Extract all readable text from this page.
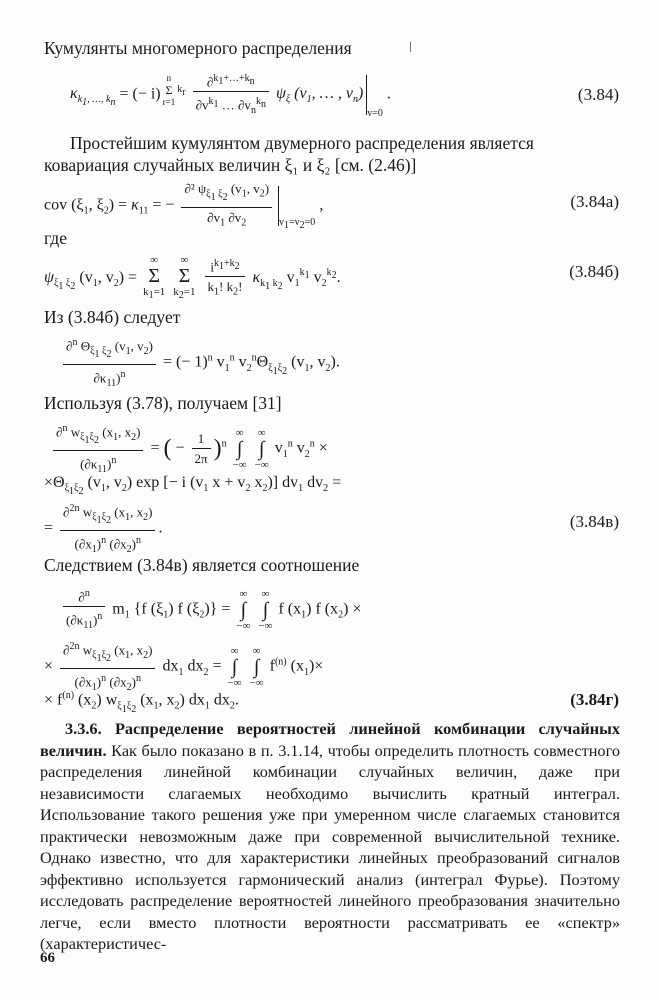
Кумулянты многомерного распределения
$\kappa_{k_1, \dots, k_n}$ = (− $i)^{n \Sigma r=1k_r} \frac{\partial^{k_1+\dots+k_n}}{\partial v^{k_1} \dots \partial v_n^{k_n}} \psi_\xi$ ($v_1$, … , $v_n)_{v=0}$ .	(3.84)
Простейшим кумулянтом двумерного распределения является
ковариация случайных величин ξ₁ и ξ₂ [см. (2.46)]
cov ($\xi_1$, $\xi_2) = \kappa_{11}$ = − $\frac{\partial^2 \psi_{\xi_1 \xi_2} (v_1, v_2)}{\partial v_1 \partial v_2} _{v_1=v_2=0}$ ,	(3.84а)
где
$\psi_{\xi_1 \xi_2}$ ($v_1$, $v_2$) = ∞
Σ
$k_1=1$ ∞
Σ
$k_2=1 \frac{i^{k_1+k_2}}{k_1! k_2!} \kappa_{k_1 k_2}$ $v_1^{k_1}$ $v_2^{k_2}$.	(3.84б)
Из (3.84б) следует
$\frac{\partial^n \Theta_{\xi_1 \xi_2} (v_1, v_2)}{\partial\kappa_{11})^n}$ = (− 1)$^n$ $v_1^n$ $v_2^n\Theta_{\xi_1\xi_2}$ ($v_1$, $v_2$).
Используя (3.78), получаем [31]
$\frac{\partial^n w_{\xi_1\xi_2} (x_1, x_2)}{(\partial\kappa_{11})^n}$ = ( − $\frac{1}{2\pi} )^n$ ∞
∫
−∞ ∞
∫
−∞ $v_1^n$ $v_2^n$ ×
$\times\Theta_{\xi_1\xi_2}$ ($v_1$, $v_2$) exp [− i ($v_1$ $x + v_2$ $x_2$)] $dv_1$ $dv_2$ =
= $\frac{\partial^{2n} w_{\xi_1\xi_2} (x_1, x_2)}{(\partial x_1)^n (\partial x_2)^n}$ .	(3.84в)
Следствием (3.84в) является соотношение
$\frac{\partial^n}{(\partial\kappa_{11})^n} m_1$ {f $(\xi_1)$ f $(\xi_2)$} = ∞
∫
−∞ ∞
∫
−∞ f $(x_1)$ f $(x_2)$ ×
× $\frac{\partial^{2n} w_{\xi_1\xi_2} (x_1, x_2)}{(\partial x_1)^n (\partial x_2)^n} dx_1$ $dx_2$ = ∞
∫
−∞ ∞
∫
−∞ $f^{(n)}$ $(x_1)\times$
× $f^{(n)}$ $(x_2)$ $w_{\xi_1\xi_2}$ ($x_1$, $x_2$) $dx_1$ $dx_2$.	(3.84г)

3.3.6. Распределение вероятностей линейной комбинации случайных величин. Как было показано в п. 3.1.14, чтобы определить плотность совместного распределения линейной комбинации случайных величин, даже при независимости слагаемых необходимо вычислить кратный интеграл. Использование такого решения уже при умеренном числе слагаемых становится практически невозможным даже при современной вычислительной технике. Однако известно, что для характеристики линейных преобразований сигналов эффективно используется гармонический анализ (интеграл Фурье). Поэтому исследовать распределение вероятностей линейного преобразования значительно легче, если вместо плотности вероятности рассматривать ее «спектр» (характеристичес-

66
